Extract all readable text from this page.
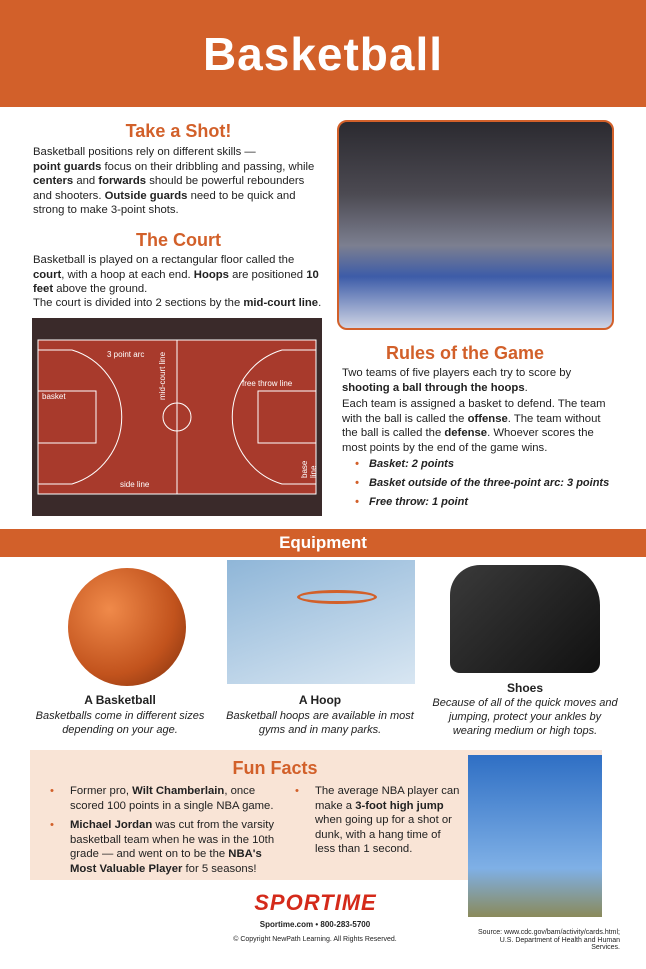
Basketball
Take a Shot!

Basketball positions rely on different skills —
point guards focus on their dribbling and passing, while centers and forwards should be powerful rebounders and shooters. Outside guards need to be quick and strong to make 3-point shots.

The Court

Basketball is played on a rectangular floor called the court, with a hoop at each end. Hoops are positioned 10 feet above the ground.

The court is divided into 2 sections by the mid-court line.

3 point arc mid-court line	free throw line
basket
side line
base line
Rules of the Game

Two teams of five players each try to score by shooting a ball through the hoops.

Each team is assigned a basket to defend. The team with the ball is called the offense. The team without the ball is called the defense. Whoever scores the most points by the end of the game wins.

• Basket: 2 points
• Basket outside of the three-point arc: 3 points
• Free throw: 1 point
Equipment
A Basketball
Basketballs come in different sizes depending on your age.
A Hoop
Basketball hoops are available in most gyms and in many parks.
Shoes
Because of all of the quick moves and jumping, protect your ankles by wearing medium or high tops.
Fun Facts
• Former pro, Wilt Chamberlain, once scored 100 points in a single NBA game.
• Michael Jordan was cut from the varsity basketball team when he was in the 10th grade — and went on to be the NBA's Most Valuable Player for 5 seasons!
• The average NBA player can make a 3-foot high jump when going up for a shot or dunk, with a hang time of less than 1 second.
SPORTIME
Sportime.com • 800-283-5700
© Copyright NewPath Learning. All Rights Reserved.
Source: www.cdc.gov/bam/activity/cards.html;
U.S. Department of Health and Human Services.
